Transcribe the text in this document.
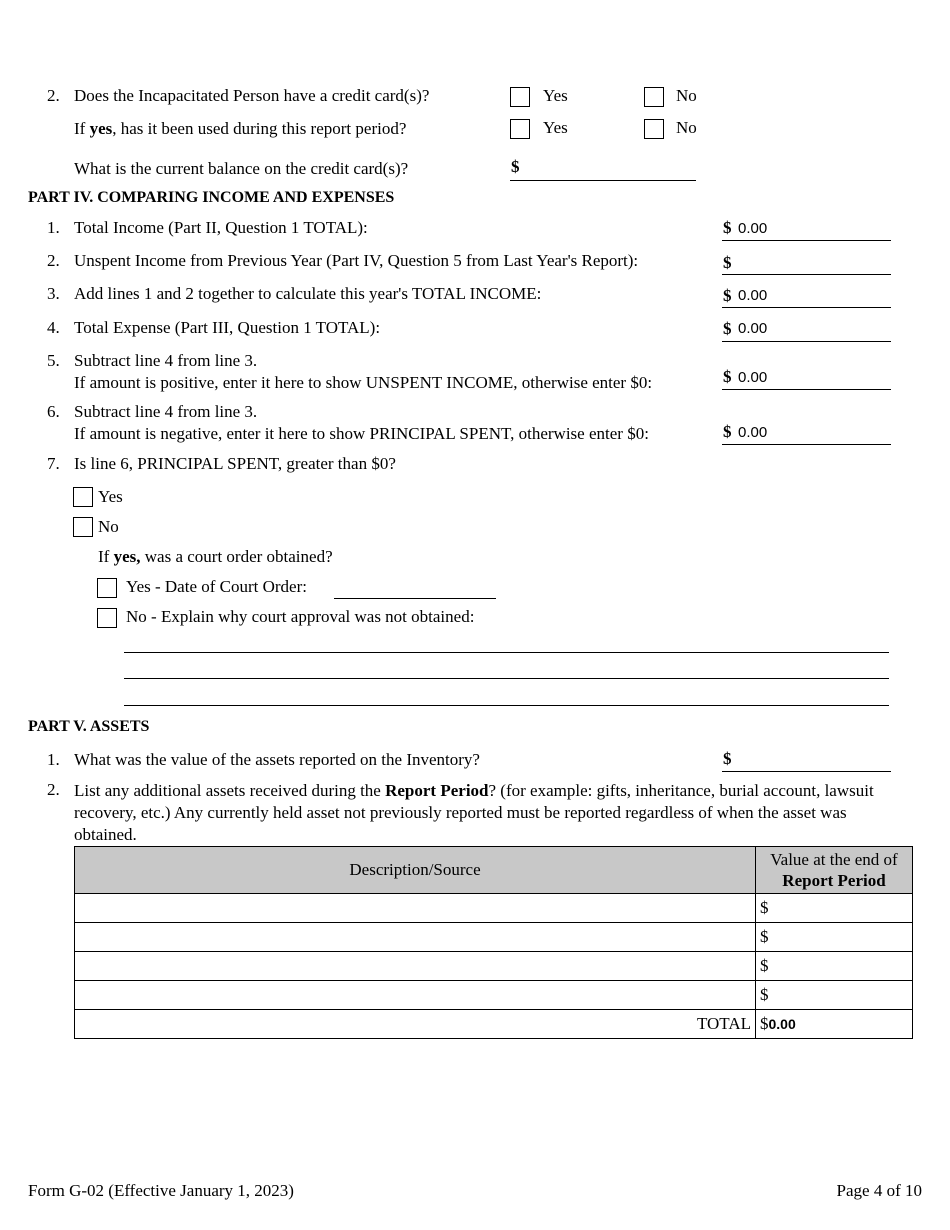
2. Does the Incapacitated Person have a credit card(s)?	Yes	No
If yes, has it been used during this report period?	Yes	No
What is the current balance on the credit card(s)?	$
PART IV. COMPARING INCOME AND EXPENSES
1. Total Income (Part II, Question 1 TOTAL):	$ 0.00
2. Unspent Income from Previous Year (Part IV, Question 5 from Last Year's Report):	$
3. Add lines 1 and 2 together to calculate this year's TOTAL INCOME:	$ 0.00
4. Total Expense (Part III, Question 1 TOTAL):	$ 0.00
5. Subtract line 4 from line 3.
If amount is positive, enter it here to show UNSPENT INCOME, otherwise enter $0:	$ 0.00
6. Subtract line 4 from line 3.
If amount is negative, enter it here to show PRINCIPAL SPENT, otherwise enter $0:	$ 0.00
7. Is line 6, PRINCIPAL SPENT, greater than $0?
Yes
No
If yes, was a court order obtained?
Yes - Date of Court Order:
No - Explain why court approval was not obtained:
PART V. ASSETS
1. What was the value of the assets reported on the Inventory?	$
2. List any additional assets received during the Report Period? (for example: gifts, inheritance, burial account, lawsuit recovery, etc.) Any currently held asset not previously reported must be reported regardless of when the asset was obtained.
Description/Source	Value at the end of
Report Period
	$
	$
	$
	$
TOTAL	$0.00
Form G-02 (Effective January 1, 2023)	Page 4 of 10
